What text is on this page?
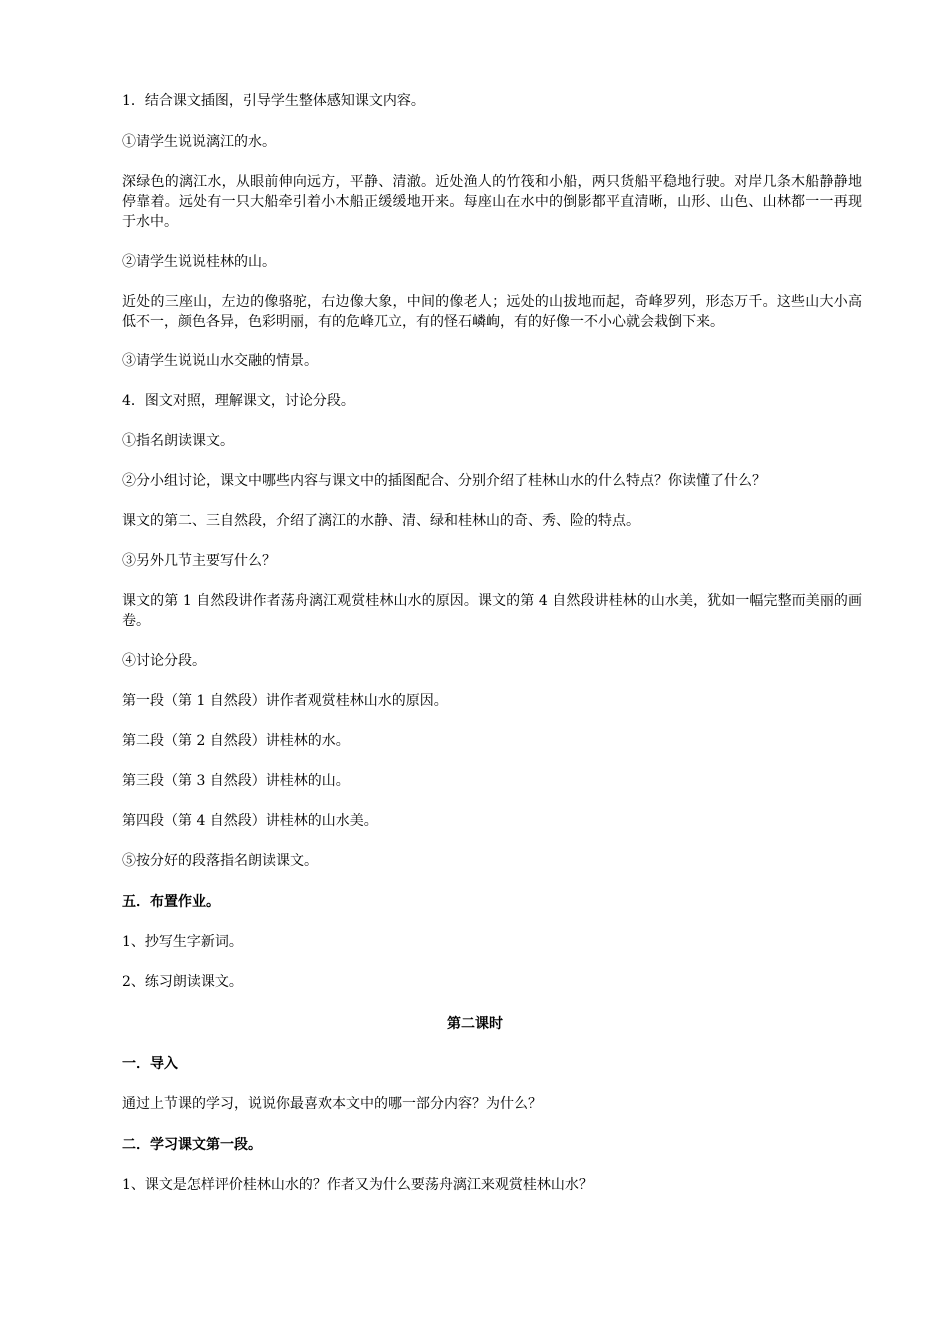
1．结合课文插图，引导学生整体感知课文内容。

①请学生说说漓江的水。

深绿色的漓江水，从眼前伸向远方，平静、清澈。近处渔人的竹筏和小船，两只货船平稳地行驶。对岸几条木船静静地停靠着。远处有一只大船牵引着小木船正缓缓地开来。每座山在水中的倒影都平直清晰，山形、山色、山林都一一再现于水中。

②请学生说说桂林的山。

近处的三座山，左边的像骆驼，右边像大象，中间的像老人；远处的山拔地而起，奇峰罗列，形态万千。这些山大小高低不一，颜色各异，色彩明丽，有的危峰兀立，有的怪石嶙峋，有的好像一不小心就会栽倒下来。

③请学生说说山水交融的情景。

4．图文对照，理解课文，讨论分段。

①指名朗读课文。

②分小组讨论，课文中哪些内容与课文中的插图配合、分别介绍了桂林山水的什么特点？你读懂了什么？

课文的第二、三自然段，介绍了漓江的水静、清、绿和桂林山的奇、秀、险的特点。

③另外几节主要写什么？

课文的第 1 自然段讲作者荡舟漓江观赏桂林山水的原因。课文的第 4 自然段讲桂林的山水美，犹如一幅完整而美丽的画卷。

④讨论分段。

第一段（第 1 自然段）讲作者观赏桂林山水的原因。

第二段（第 2 自然段）讲桂林的水。

第三段（第 3 自然段）讲桂林的山。

第四段（第 4 自然段）讲桂林的山水美。

⑤按分好的段落指名朗读课文。

五．布置作业。

1、抄写生字新词。

2、练习朗读课文。

第二课时

一．导入

通过上节课的学习，说说你最喜欢本文中的哪一部分内容？为什么？

二．学习课文第一段。

1、课文是怎样评价桂林山水的？作者又为什么要荡舟漓江来观赏桂林山水？
